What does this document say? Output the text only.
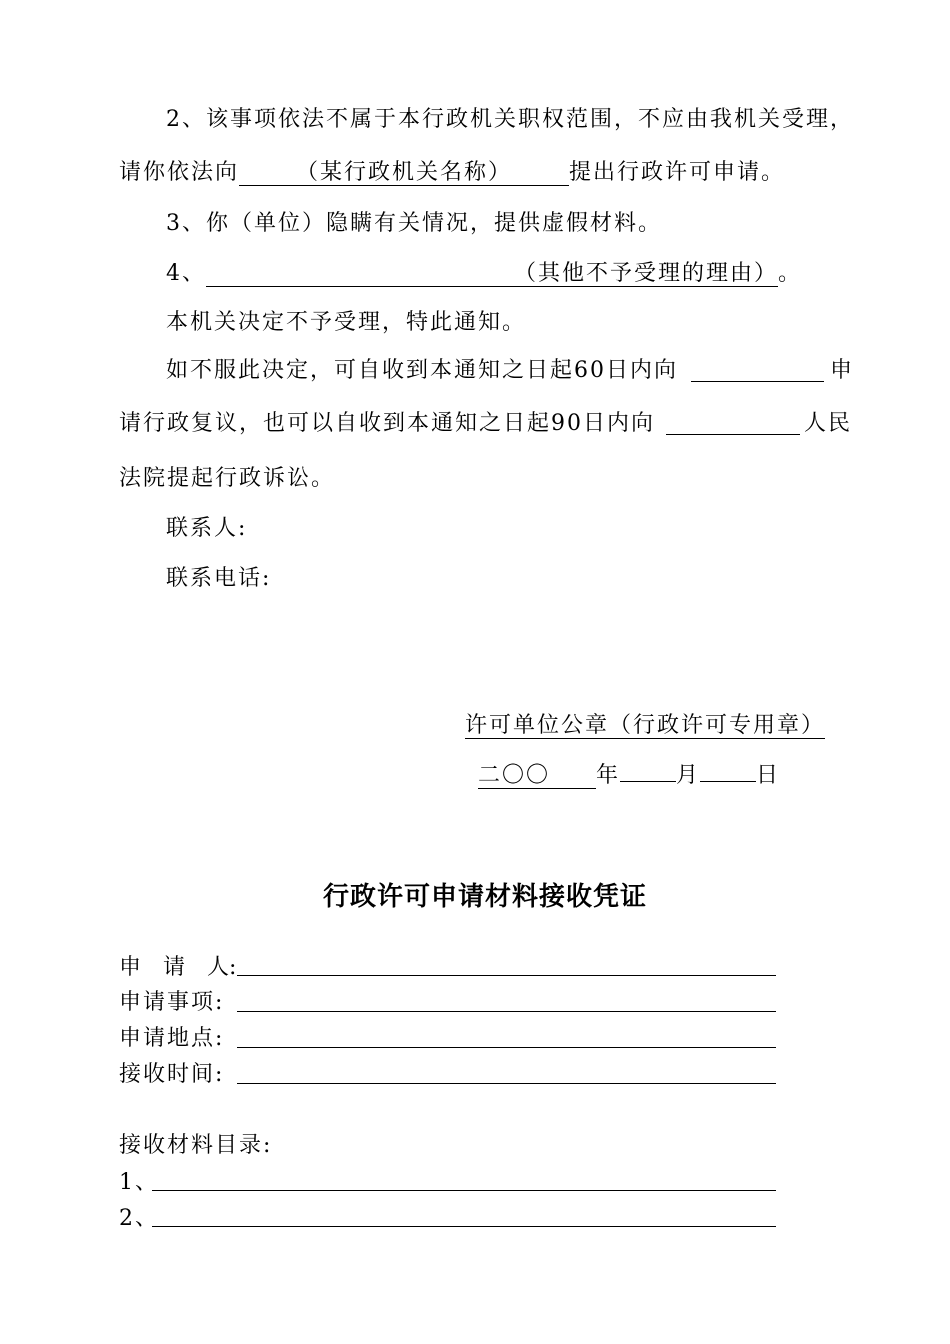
2、该事项依法不属于本行政机关职权范围，不应由我机关受理，
请你依法向	（某行政机关名称）	提出行政许可申请。
3、你（单位）隐瞒有关情况，提供虚假材料。
4、	（其他不予受理的理由）。
本机关决定不予受理，特此通知。
如不服此决定，可自收到本通知之日起60日内向	申
请行政复议，也可以自收到本通知之日起90日内向	人民
法院提起行政诉讼。
联系人:
联系电话:
许可单位公章（行政许可专用章）
二〇〇 年	月	日
行政许可申请材料接收凭证
申　请　人:
申请事项:
申请地点:
接收时间:
接收材料目录:
1、
2、
